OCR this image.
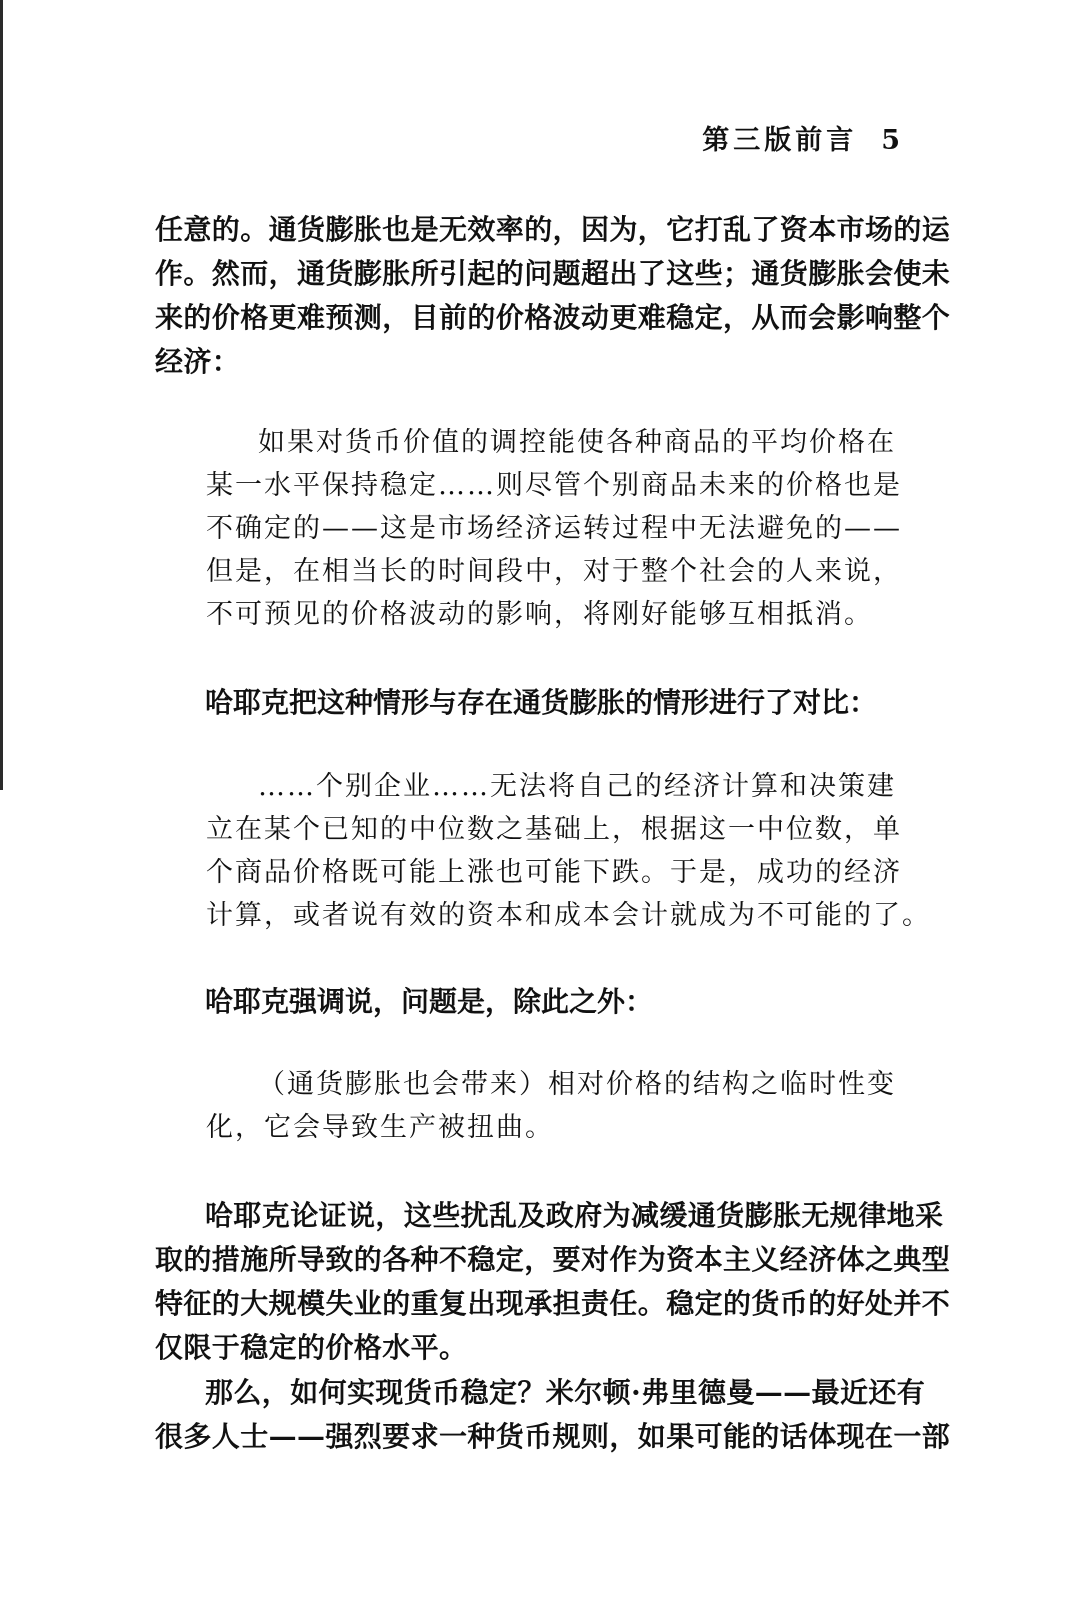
第三版前言 5
任意的。通货膨胀也是无效率的，因为，它打乱了资本市场的运
作。然而，通货膨胀所引起的问题超出了这些；通货膨胀会使未
来的价格更难预测，目前的价格波动更难稳定，从而会影响整个
经济：
如果对货币价值的调控能使各种商品的平均价格在
某一水平保持稳定……则尽管个别商品未来的价格也是
不确定的——这是市场经济运转过程中无法避免的——
但是，在相当长的时间段中，对于整个社会的人来说，
不可预见的价格波动的影响，将刚好能够互相抵消。
哈耶克把这种情形与存在通货膨胀的情形进行了对比：
……个别企业……无法将自己的经济计算和决策建
立在某个已知的中位数之基础上，根据这一中位数，单
个商品价格既可能上涨也可能下跌。于是，成功的经济
计算，或者说有效的资本和成本会计就成为不可能的了。
哈耶克强调说，问题是，除此之外：
（通货膨胀也会带来）相对价格的结构之临时性变
化，它会导致生产被扭曲。
哈耶克论证说，这些扰乱及政府为减缓通货膨胀无规律地采
取的措施所导致的各种不稳定，要对作为资本主义经济体之典型
特征的大规模失业的重复出现承担责任。稳定的货币的好处并不
仅限于稳定的价格水平。
那么，如何实现货币稳定？米尔顿·弗里德曼——最近还有
很多人士——强烈要求一种货币规则，如果可能的话体现在一部
